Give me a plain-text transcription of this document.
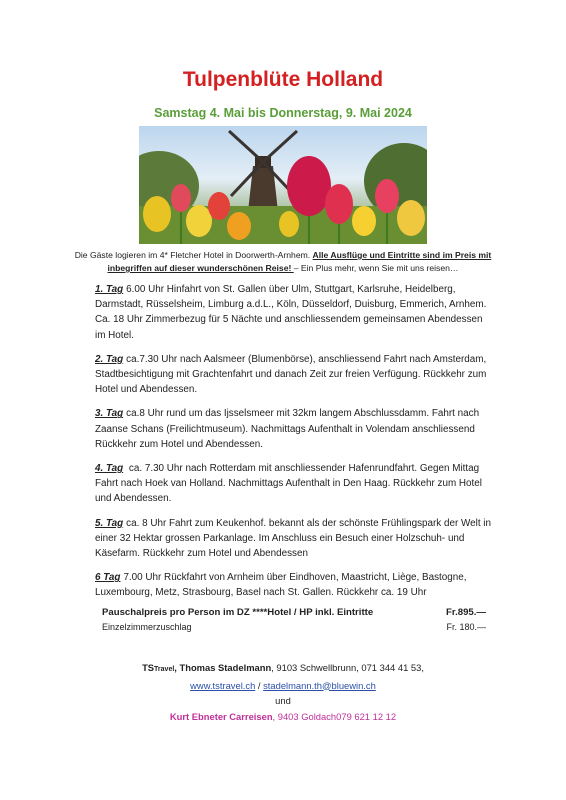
Tulpenblüte Holland
Samstag 4. Mai bis Donnerstag, 9. Mai 2024
Die Gäste logieren im 4* Fletcher Hotel in Doorwerth-Arnhem. Alle Ausflüge und Eintritte sind im Preis mit inbegriffen auf dieser wunderschönen Reise! – Ein Plus mehr, wenn Sie mit uns reisen…

1. Tag 6.00 Uhr Hinfahrt von St. Gallen über Ulm, Stuttgart, Karlsruhe, Heidelberg, Darmstadt, Rüsselsheim, Limburg a.d.L., Köln, Düsseldorf, Duisburg, Emmerich, Arnhem. Ca. 18 Uhr Zimmerbezug für 5 Nächte und anschliessendem gemeinsamen Abendessen im Hotel.

2. Tag ca.7.30 Uhr nach Aalsmeer (Blumenbörse), anschliessend Fahrt nach Amsterdam, Stadtbesichtigung mit Grachtenfahrt und danach Zeit zur freien Verfügung. Rückkehr zum Hotel und Abendessen.

3. Tag ca.8 Uhr rund um das Ijsselsmeer mit 32km langem Abschlussdamm. Fahrt nach Zaanse Schans (Freilichtmuseum). Nachmittags Aufenthalt in Volendam anschliessend Rückkehr zum Hotel und Abendessen.

4. Tag ca. 7.30 Uhr nach Rotterdam mit anschliessender Hafenrundfahrt. Gegen Mittag Fahrt nach Hoek van Holland. Nachmittags Aufenthalt in Den Haag. Rückkehr zum Hotel und Abendessen.

5. Tag ca. 8 Uhr Fahrt zum Keukenhof. bekannt als der schönste Frühlingspark der Welt in einer 32 Hektar grossen Parkanlage. Im Anschluss ein Besuch einer Holzschuh- und Käsefarm. Rückkehr zum Hotel und Abendessen

6 Tag 7.00 Uhr Rückfahrt von Arnheim über Eindhoven, Maastricht, Liège, Bastogne, Luxembourg, Metz, Strasbourg, Basel nach St. Gallen. Rückkehr ca. 19 Uhr

Pauschalpreis pro Person im DZ ****Hotel / HP inkl. Eintritte	Fr.895.—
Einzelzimmerzuschlag	Fr. 180.—
TSTravel, Thomas Stadelmann, 9103 Schwellbrunn, 071 344 41 53,
www.tstravel.ch / stadelmann.th@bluewin.ch
und
Kurt Ebneter Carreisen, 9403 Goldach079 621 12 12
